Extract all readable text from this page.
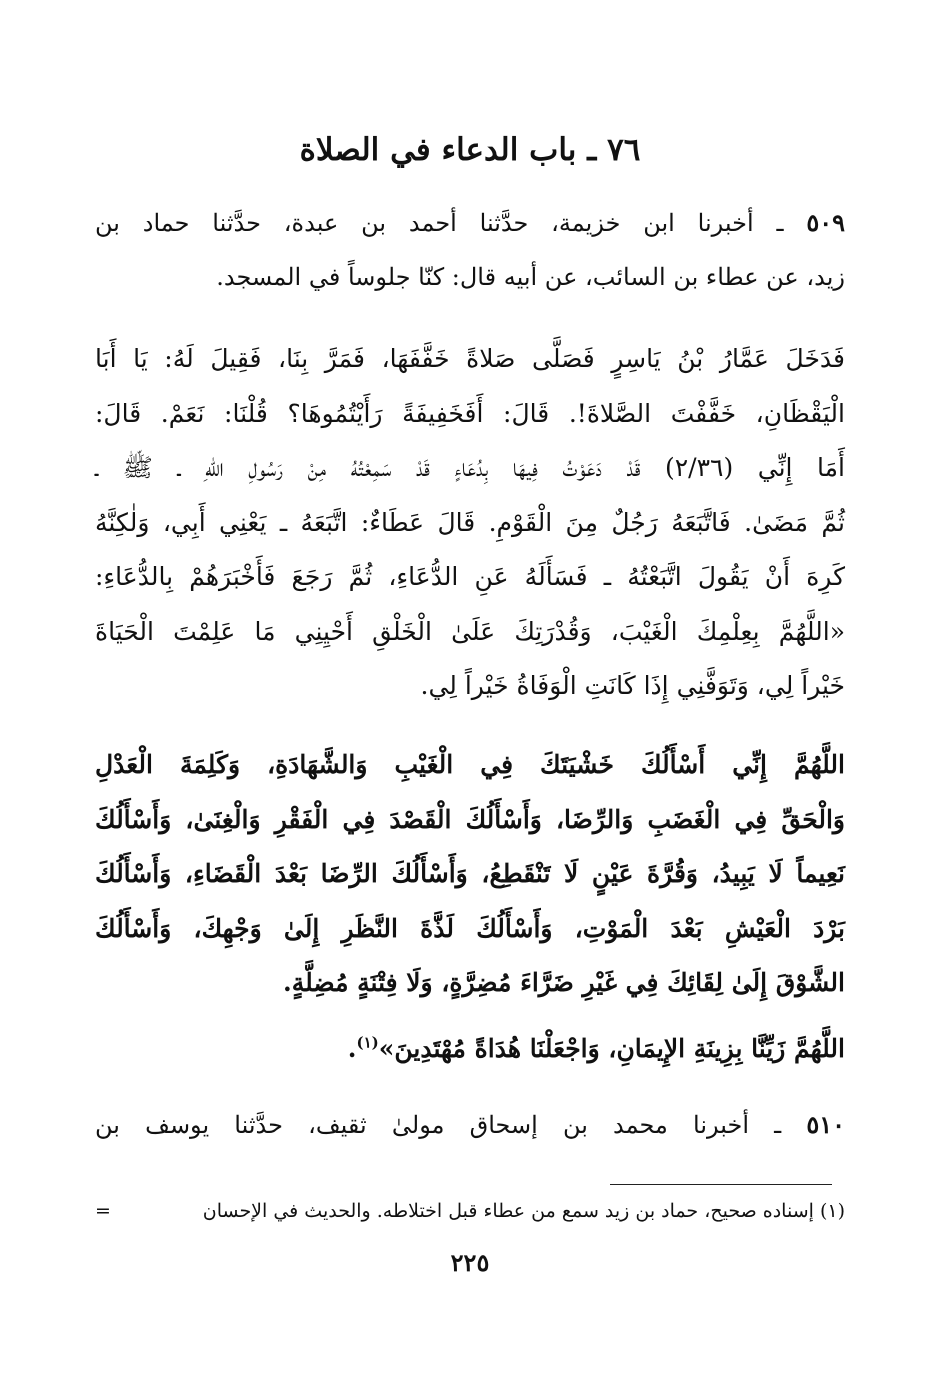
٧٦ ـ باب الدعاء في الصلاة
٥٠٩ ـ أخبرنا ابن خزيمة، حدَّثنا أحمد بن عبدة، حدَّثنا حماد بن
زيد، عن عطاء بن السائب، عن أبيه قال: كنّا جلوساً في المسجد.
فَدَخَلَ عَمَّارُ بْنُ يَاسِرٍ فَصَلَّى صَلاةً خَفَّفَهَا، فَمَرَّ بِنَا، فَقِيلَ لَهُ: يَا أَبَا
الْيَقْظَانِ، خَفَّفْتَ الصَّلاةَ!. قَالَ: أَفَخَفِيفَةً رَأَيْتُمُوهَا؟ قُلْنَا: نَعَمْ. قَالَ:
أَمَا إِنِّي (٢/٣٦) قَدْ دَعَوْتُ فِيهَا بِدُعَاءٍ قَدْ سَمِعْتُهُ مِنْ رَسُولِ اللهِ ـ ﷺ ـ
ثُمَّ مَضَىٰ. فَاتَّبَعَهُ رَجُلٌ مِنَ الْقَوْمِ. قَالَ عَطَاءٌ: اتَّبَعَهُ ـ يَعْنِي أَبِي، وَلٰكِنَّهُ
كَرِهَ أَنْ يَقُولَ اتَّبَعْتُهُ ـ فَسَأَلَهُ عَنِ الدُّعَاءِ، ثُمَّ رَجَعَ فَأَخْبَرَهُمْ بِالدُّعَاءِ:
«اللَّهُمَّ بِعِلْمِكَ الْغَيْبَ، وَقُدْرَتِكَ عَلَىٰ الْخَلْقِ أَحْيِنِي مَا عَلِمْتَ الْحَيَاةَ
خَيْراً لِي، وَتَوَفَّنِي إِذَا كَانَتِ الْوَفَاةُ خَيْراً لِي.
اللَّهُمَّ إِنِّي أَسْأَلُكَ خَشْيَتَكَ فِي الْغَيْبِ وَالشَّهَادَةِ، وَكَلِمَةَ الْعَدْلِ
وَالْحَقِّ فِي الْغَضَبِ وَالرِّضَا، وَأَسْأَلُكَ الْقَصْدَ فِي الْفَقْرِ وَالْغِنَىٰ، وَأَسْأَلُكَ
نَعِيماً لَا يَبِيدُ، وَقُرَّةَ عَيْنٍ لَا تَنْقَطِعُ، وَأَسْأَلُكَ الرِّضَا بَعْدَ الْقَضَاءِ، وَأَسْأَلُكَ
بَرْدَ الْعَيْشِ بَعْدَ الْمَوْتِ، وَأَسْأَلُكَ لَذَّةَ النَّظَرِ إِلَىٰ وَجْهِكَ، وَأَسْأَلُكَ
الشَّوْقَ إِلَىٰ لِقَائِكَ فِي غَيْرِ ضَرَّاءَ مُضِرَّةٍ، وَلَا فِتْنَةٍ مُضِلَّةٍ.
اللَّهُمَّ زَيِّنَّا بِزِينَةِ الإِيمَانِ، وَاجْعَلْنَا هُدَاةً مُهْتَدِينَ»$^{(١)}$.
٥١٠ ـ أخبرنا محمد بن إسحاق مولىٰ ثقيف، حدَّثنا يوسف بن
(١) إسناده صحيح، حماد بن زيد سمع من عطاء قبل اختلاطه. والحديث في الإحسان
=
٢٢٥
